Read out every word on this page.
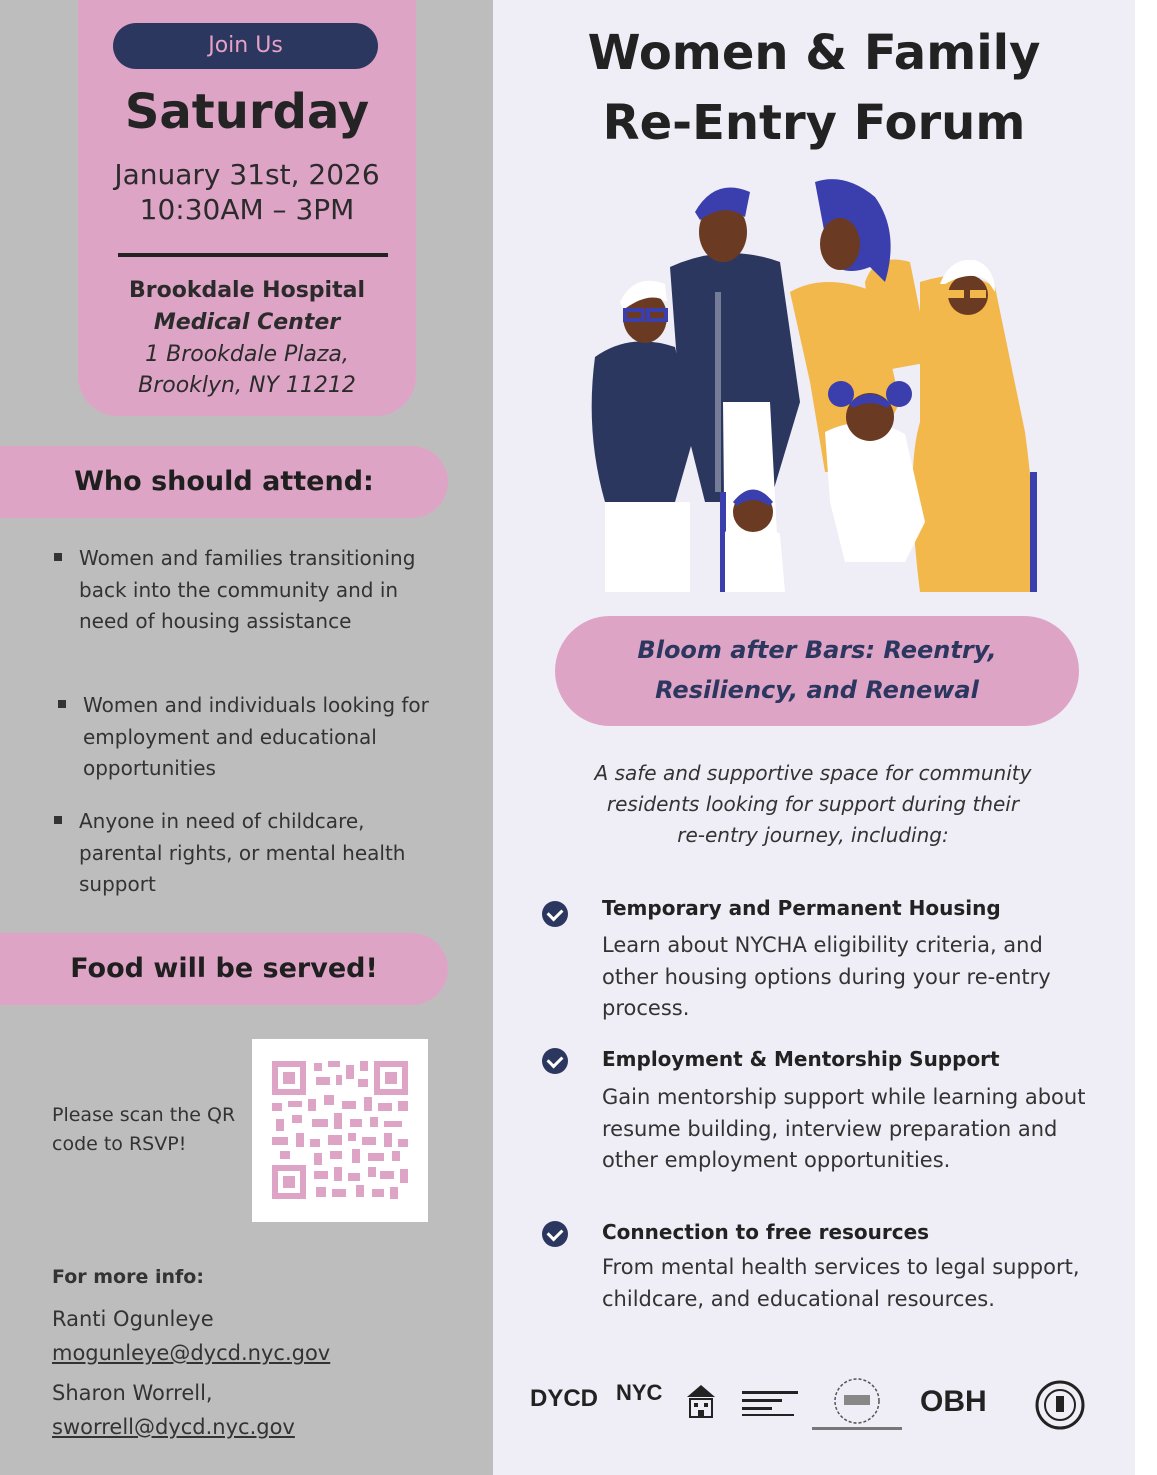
Join Us
Saturday
January 31st, 2026
10:30AM – 3PM
Brookdale Hospital
Medical Center
1 Brookdale Plaza,
Brooklyn, NY 11212
Who should attend:
Women and families transitioning back into the community and in need of housing assistance
Women and individuals looking for employment and educational opportunities
Anyone in need of childcare, parental rights, or mental health support
Food will be served!
Please scan the QR code to RSVP!
For more info:
Ranti Ogunleye
mogunleye@dycd.nyc.gov
Sharon Worrell,
sworrell@dycd.nyc.gov
Women & Family
Re-Entry Forum
Bloom after Bars: Reentry,
Resiliency, and Renewal
A safe and supportive space for community
residents looking for support during their
re-entry journey, including:
Temporary and Permanent Housing
Learn about NYCHA eligibility criteria, and other housing options during your re-entry process.
Employment & Mentorship Support
Gain mentorship support while learning about resume building, interview preparation and other employment opportunities.
Connection to free resources
From mental health services to legal support, childcare, and educational resources.
DYCD NYC	OBH
